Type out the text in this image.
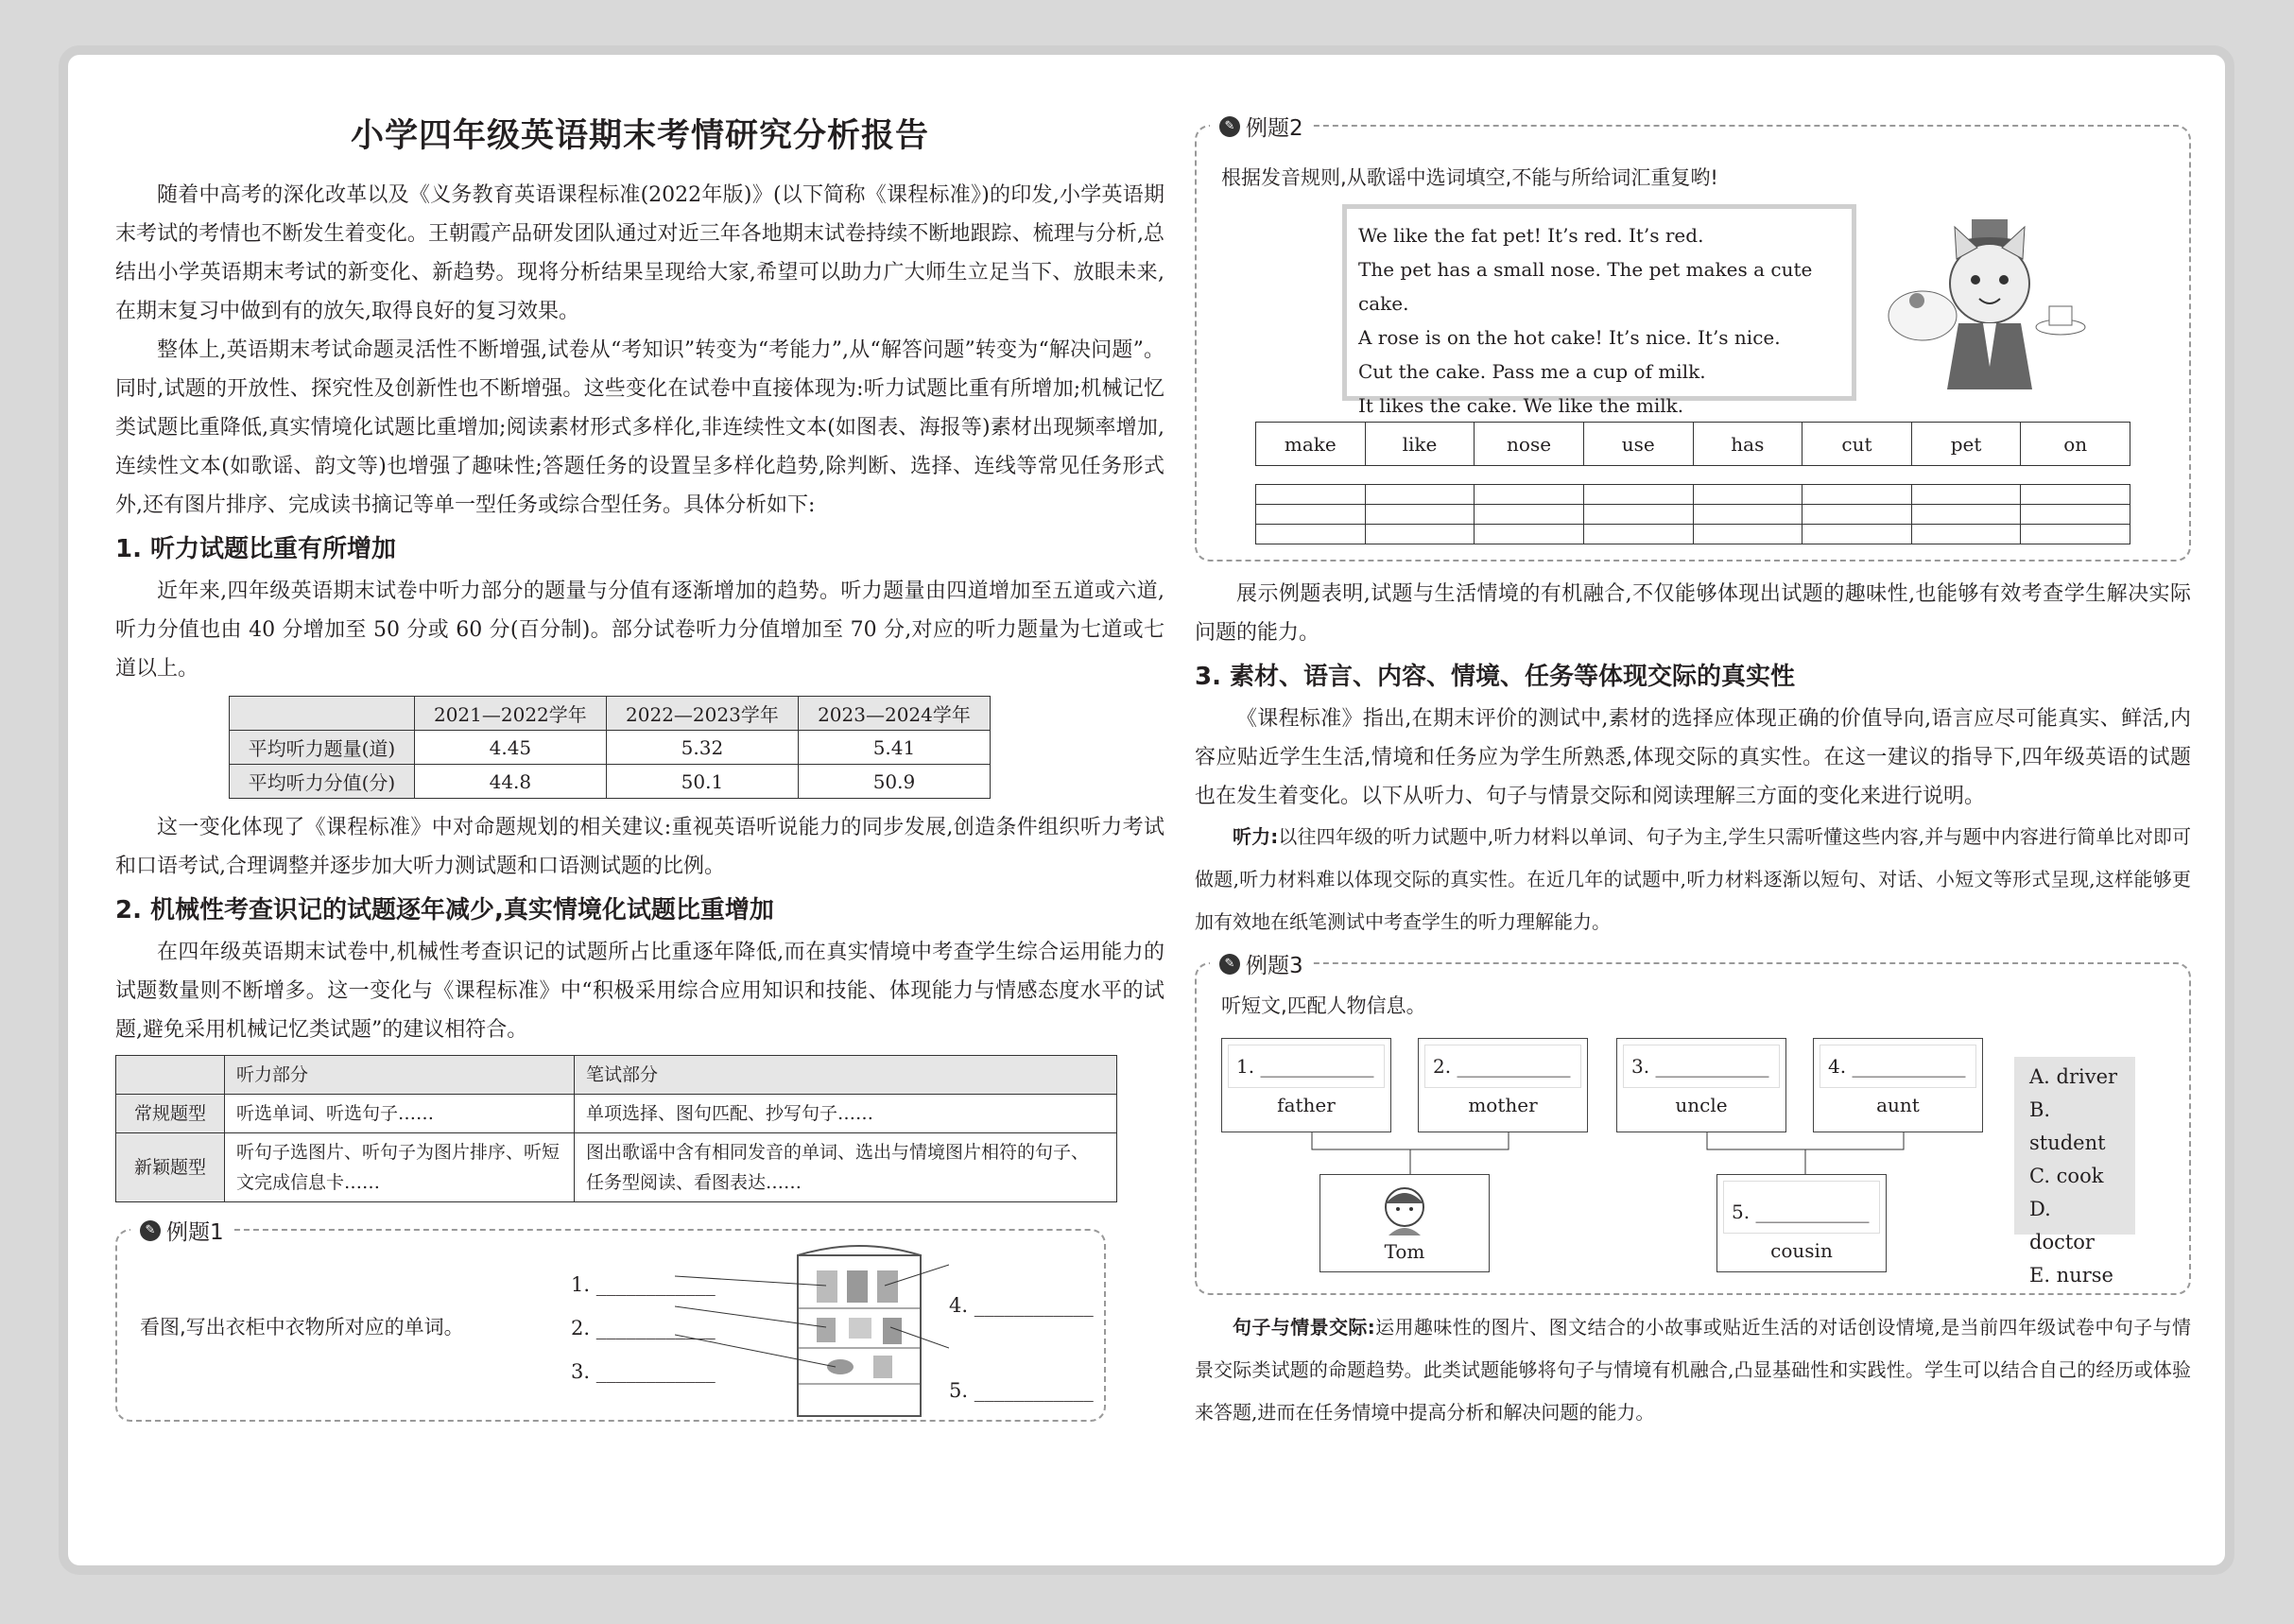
小学四年级英语期末考情研究分析报告
随着中高考的深化改革以及《义务教育英语课程标准(2022年版)》(以下简称《课程标准》)的印发,小学英语期末考试的考情也不断发生着变化。王朝霞产品研发团队通过对近三年各地期末试卷持续不断地跟踪、梳理与分析,总结出小学英语期末考试的新变化、新趋势。现将分析结果呈现给大家,希望可以助力广大师生立足当下、放眼未来,在期末复习中做到有的放矢,取得良好的复习效果。
整体上,英语期末考试命题灵活性不断增强,试卷从“考知识”转变为“考能力”,从“解答问题”转变为“解决问题”。同时,试题的开放性、探究性及创新性也不断增强。这些变化在试卷中直接体现为:听力试题比重有所增加;机械记忆类试题比重降低,真实情境化试题比重增加;阅读素材形式多样化,非连续性文本(如图表、海报等)素材出现频率增加,连续性文本(如歌谣、韵文等)也增强了趣味性;答题任务的设置呈多样化趋势,除判断、选择、连线等常见任务形式外,还有图片排序、完成读书摘记等单一型任务或综合型任务。具体分析如下:
1. 听力试题比重有所增加
近年来,四年级英语期末试卷中听力部分的题量与分值有逐渐增加的趋势。听力题量由四道增加至五道或六道,听力分值也由 40 分增加至 50 分或 60 分(百分制)。部分试卷听力分值增加至 70 分,对应的听力题量为七道或七道以上。
	2021—2022学年	2022—2023学年	2023—2024学年
平均听力题量(道)	4.45	5.32	5.41
平均听力分值(分)	44.8	50.1	50.9
这一变化体现了《课程标准》中对命题规划的相关建议:重视英语听说能力的同步发展,创造条件组织听力考试和口语考试,合理调整并逐步加大听力测试题和口语测试题的比例。
2. 机械性考查识记的试题逐年减少,真实情境化试题比重增加
在四年级英语期末试卷中,机械性考查识记的试题所占比重逐年降低,而在真实情境中考查学生综合运用能力的试题数量则不断增多。这一变化与《课程标准》中“积极采用综合应用知识和技能、体现能力与情感态度水平的试题,避免采用机械记忆类试题”的建议相符合。
	听力部分	笔试部分
常规题型	听选单词、听选句子……	单项选择、图句匹配、抄写句子……
新颖题型	听句子选图片、听句子为图片排序、听短文完成信息卡……	图出歌谣中含有相同发音的单词、选出与情境图片相符的句子、任务型阅读、看图表达……
✎ 例题1
看图,写出衣柜中衣物所对应的单词。
1. ____________
2. ____________
3. ____________
4. ____________
5. ____________
✎ 例题2
根据发音规则,从歌谣中选词填空,不能与所给词汇重复哟!
We like the fat pet! It’s red. It’s red.
The pet has a small nose. The pet makes a cute cake.
A rose is on the hot cake! It’s nice. It’s nice.
Cut the cake. Pass me a cup of milk.
It likes the cake. We like the milk.
make	like	nose	use	has	cut	pet	on

展示例题表明,试题与生活情境的有机融合,不仅能够体现出试题的趣味性,也能够有效考查学生解决实际问题的能力。
3. 素材、语言、内容、情境、任务等体现交际的真实性
《课程标准》指出,在期末评价的测试中,素材的选择应体现正确的价值导向,语言应尽可能真实、鲜活,内容应贴近学生生活,情境和任务应为学生所熟悉,体现交际的真实性。在这一建议的指导下,四年级英语的试题也在发生着变化。以下从听力、句子与情景交际和阅读理解三方面的变化来进行说明。
听力:以往四年级的听力试题中,听力材料以单词、句子为主,学生只需听懂这些内容,并与题中内容进行简单比对即可做题,听力材料难以体现交际的真实性。在近几年的试题中,听力材料逐渐以短句、对话、小短文等形式呈现,这样能够更加有效地在纸笔测试中考查学生的听力理解能力。
✎ 例题3
听短文,匹配人物信息。
1. ____________
father
2. ____________
mother
3. ____________
uncle
4. ____________
aunt
Tom
5. ____________
cousin
A. driver
B. student
C. cook
D. doctor
E. nurse
句子与情景交际:运用趣味性的图片、图文结合的小故事或贴近生活的对话创设情境,是当前四年级试卷中句子与情景交际类试题的命题趋势。此类试题能够将句子与情境有机融合,凸显基础性和实践性。学生可以结合自己的经历或体验来答题,进而在任务情境中提高分析和解决问题的能力。
